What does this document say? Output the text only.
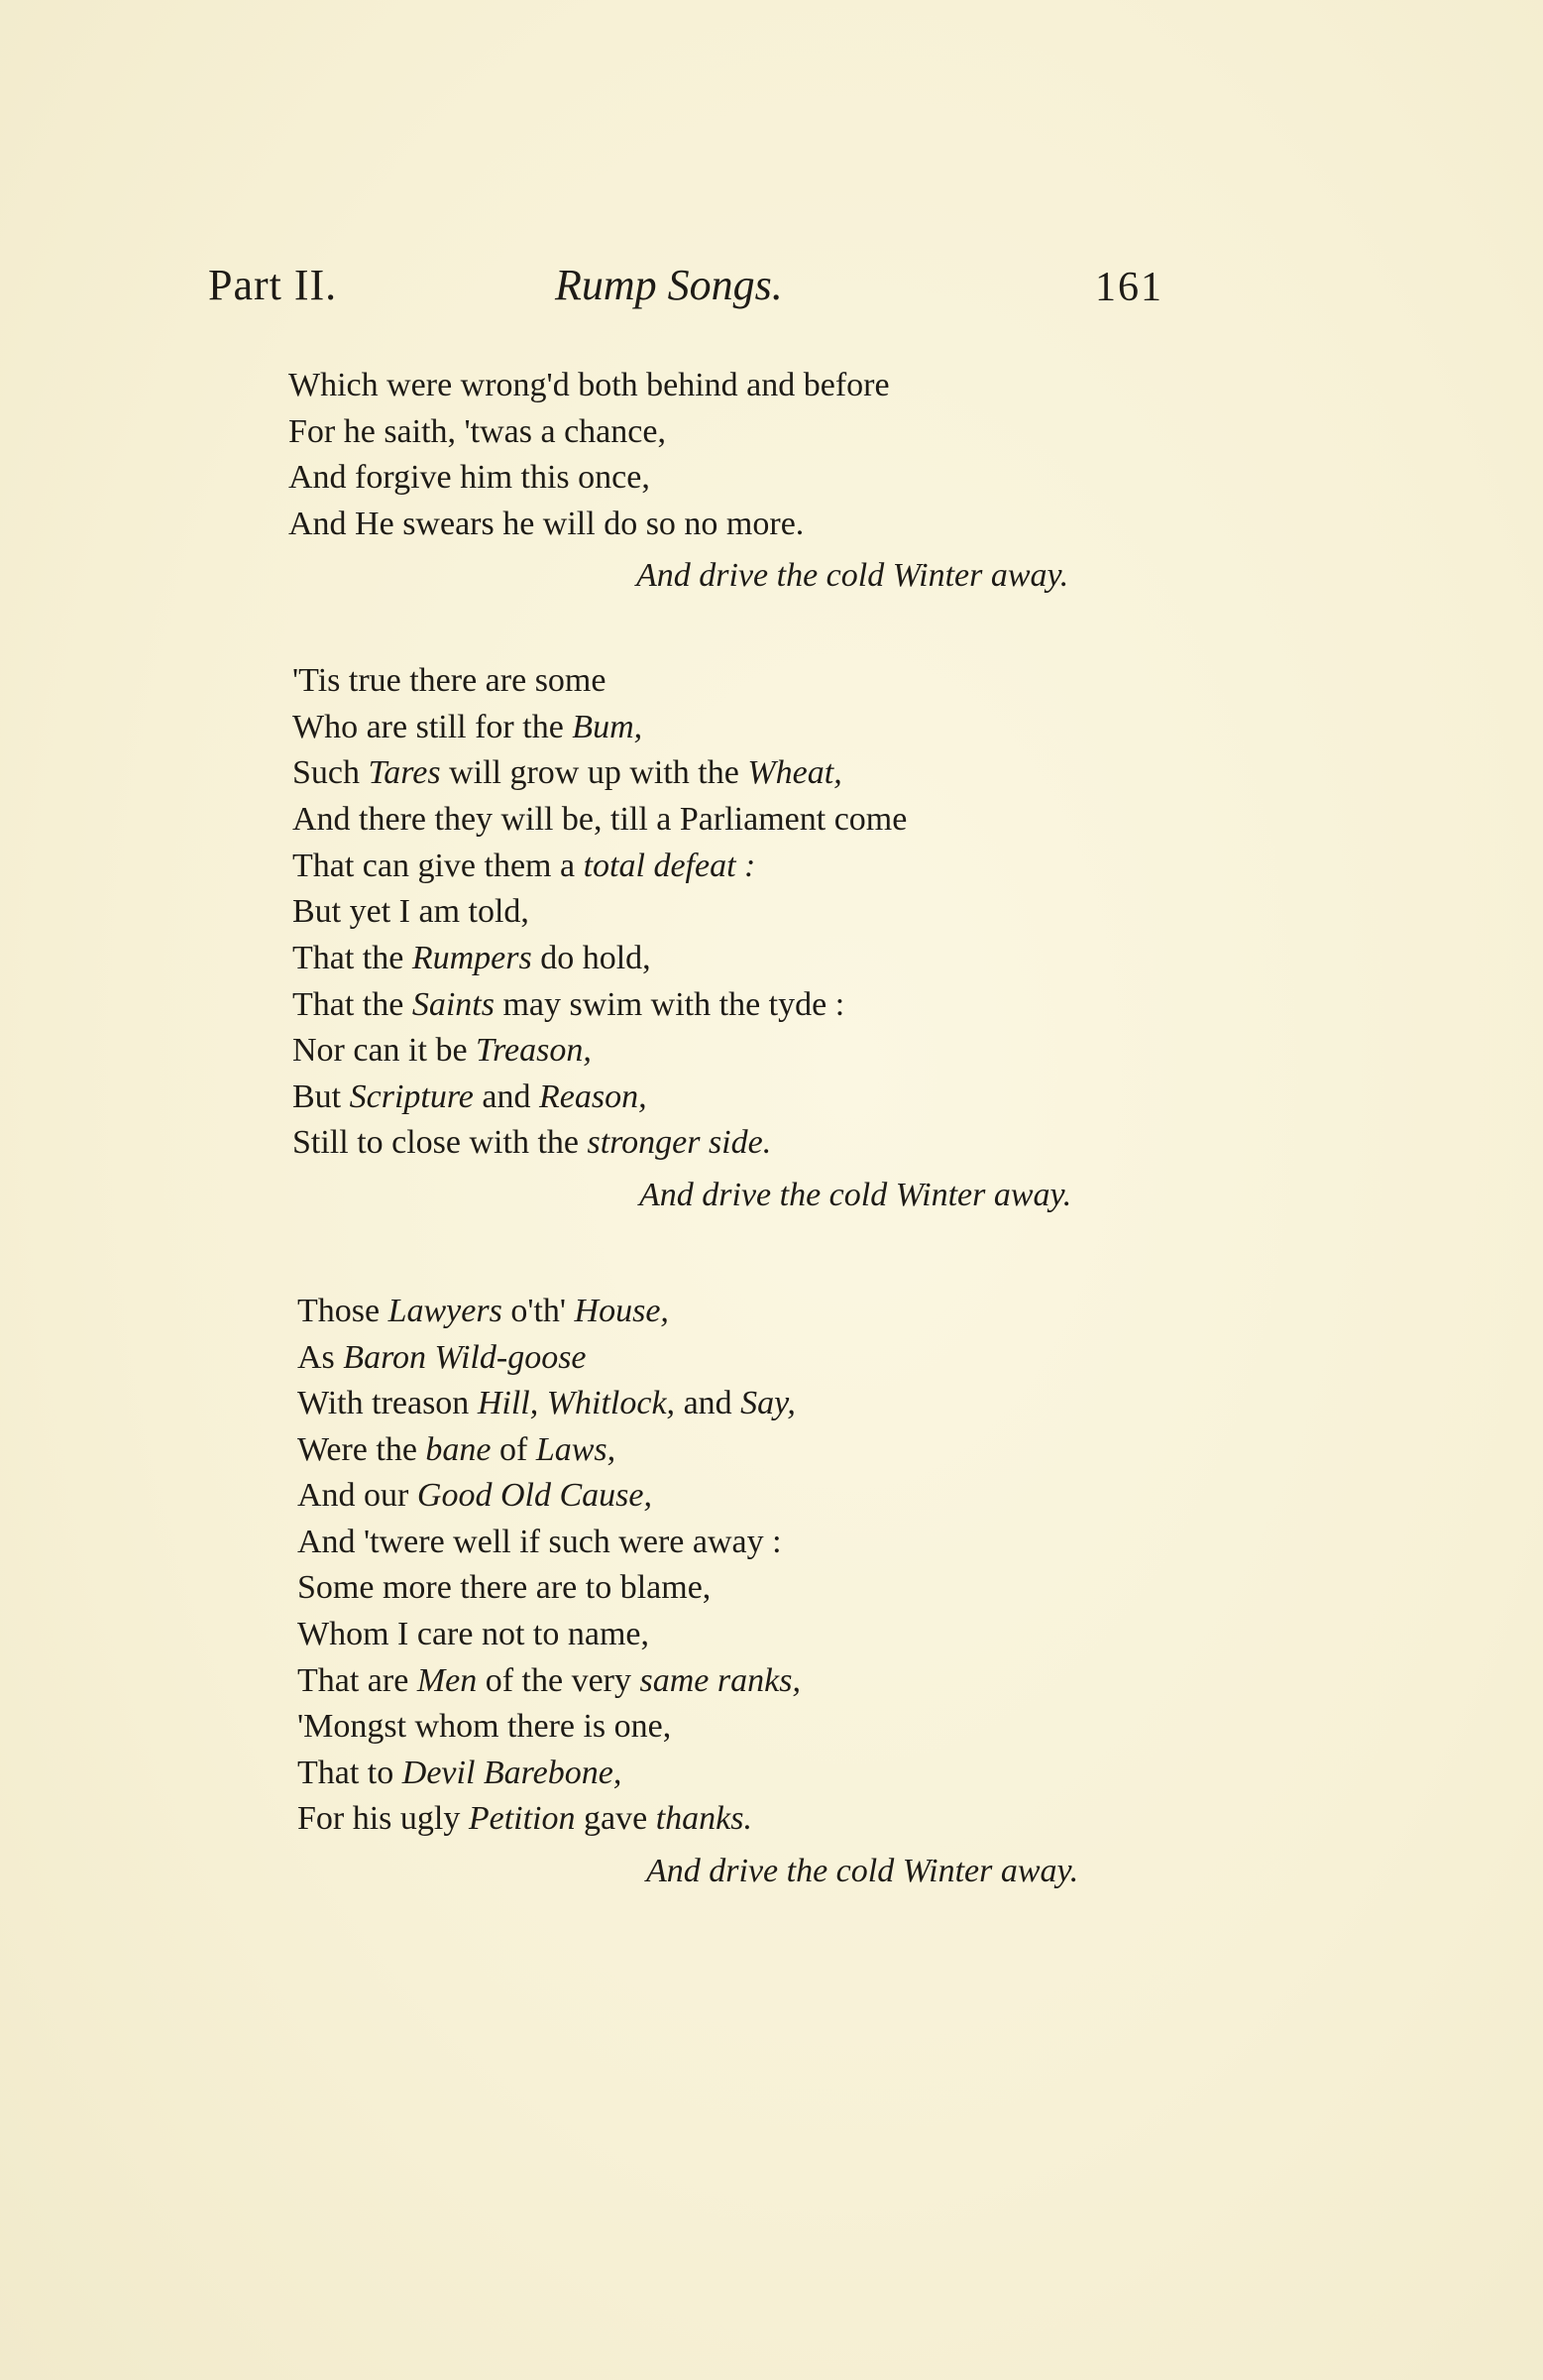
Part II.	Rump Songs.	161
Which were wrong'd both behind and before
For he saith, 'twas a chance,
And forgive him this once,
And He swears he will do so no more.
And drive the cold Winter away.
'Tis true there are some
Who are still for the Bum,
Such Tares will grow up with the Wheat,
And there they will be, till a Parliament come
That can give them a total defeat :
But yet I am told,
That the Rumpers do hold,
That the Saints may swim with the tyde :
Nor can it be Treason,
But Scripture and Reason,
Still to close with the stronger side.
And drive the cold Winter away.
Those Lawyers o'th' House,
As Baron Wild-goose
With treason Hill, Whitlock, and Say,
Were the bane of Laws,
And our Good Old Cause,
And 'twere well if such were away :
Some more there are to blame,
Whom I care not to name,
That are Men of the very same ranks,
'Mongst whom there is one,
That to Devil Barebone,
For his ugly Petition gave thanks.
And drive the cold Winter away.
